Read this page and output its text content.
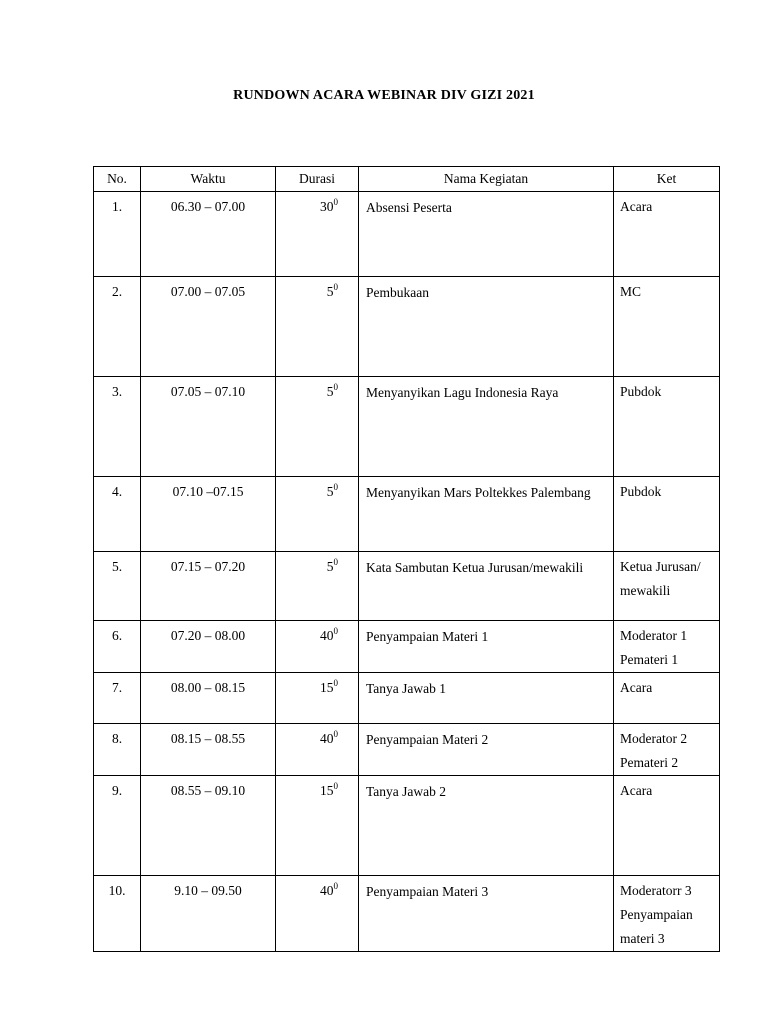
RUNDOWN ACARA WEBINAR DIV GIZI 2021
No.	Waktu	Durasi	Nama Kegiatan	Ket
1.	06.30 – 07.00	$30^0$	Absensi Peserta	Acara
2.	07.00 – 07.05	$5^0$	Pembukaan	MC
3.	07.05 – 07.10	$5^0$	Menyanyikan Lagu Indonesia Raya	Pubdok
4.	07.10 –07.15	$5^0$	Menyanyikan Mars Poltekkes Palembang	Pubdok
5.	07.15 – 07.20	$5^0$	Kata Sambutan Ketua Jurusan/mewakili	Ketua Jurusan/ mewakili
6.	07.20 – 08.00	$40^0$	Penyampaian Materi 1	Moderator 1 Pemateri 1
7.	08.00 – 08.15	$15^0$	Tanya Jawab 1	Acara
8.	08.15 – 08.55	$40^0$	Penyampaian Materi 2	Moderator 2 Pemateri 2
9.	08.55 – 09.10	$15^0$	Tanya Jawab 2	Acara
10.	9.10 – 09.50	$40^0$	Penyampaian Materi 3	Moderatorr 3 Penyampaian materi 3
